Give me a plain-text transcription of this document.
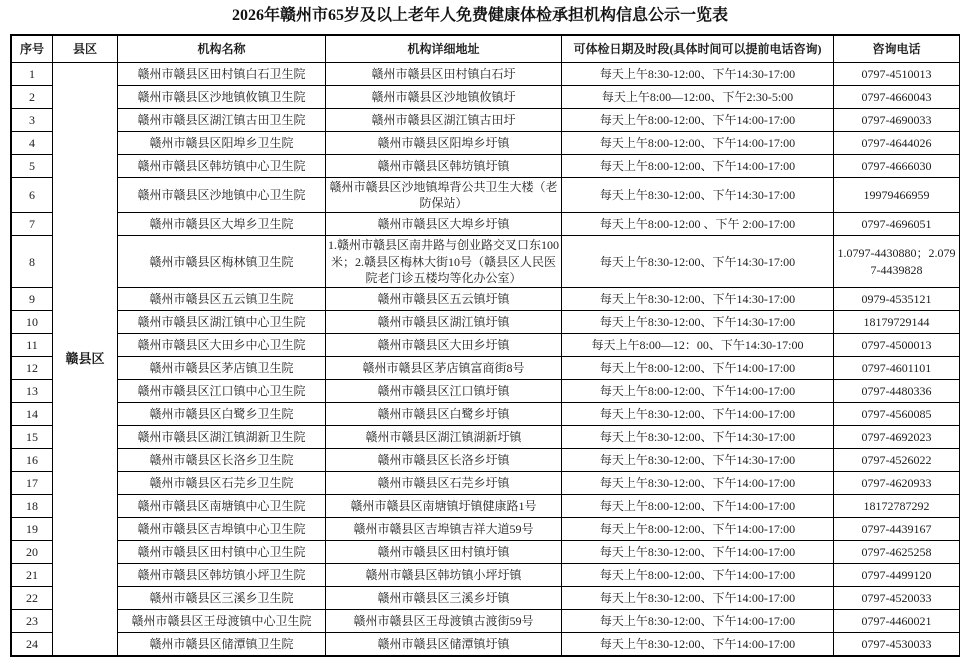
2026年赣州市65岁及以上老年人免费健康体检承担机构信息公示一览表
序号	县区	机构名称	机构详细地址	可体检日期及时段(具体时间可以提前电话咨询)	咨询电话
1	赣县区	赣州市赣县区田村镇白石卫生院	赣州市赣县区田村镇白石圩	每天上午8:30-12:00、下午14:30-17:00	0797-4510013
2		赣州市赣县区沙地镇攸镇卫生院	赣州市赣县区沙地镇攸镇圩	每天上午8:00—12:00、下午2:30-5:00	0797-4660043
3		赣州市赣县区湖江镇古田卫生院	赣州市赣县区湖江镇古田圩	每天上午8:00-12:00、下午14:00-17:00	0797-4690033
4		赣州市赣县区阳埠乡卫生院	赣州市赣县区阳埠乡圩镇	每天上午8:00-12:00、下午14:00-17:00	0797-4644026
5		赣州市赣县区韩坊镇中心卫生院	赣州市赣县区韩坊镇圩镇	每天上午8:00-12:00、下午14:00-17:00	0797-4666030
6		赣州市赣县区沙地镇中心卫生院	赣州市赣县区沙地镇埠背公共卫生大楼（老防保站）	每天上午8:30-12:00、下午14:30-17:00	19979466959
7		赣州市赣县区大埠乡卫生院	赣州市赣县区大埠乡圩镇	每天上午8:00-12:00 、下午 2:00-17:00	0797-4696051
8		赣州市赣县区梅林镇卫生院	1.赣州市赣县区南井路与创业路交叉口东100米；2.赣县区梅林大街10号（赣县区人民医院老门诊五楼均等化办公室）	每天上午8:30-12:00、下午14:30-17:00	1.0797-4430880；2.0797-4439828
9		赣州市赣县区五云镇卫生院	赣州市赣县区五云镇圩镇	每天上午8:30-12:00、下午14:30-17:00	0979-4535121
10		赣州市赣县区湖江镇中心卫生院	赣州市赣县区湖江镇圩镇	每天上午8:30-12:00、下午14:30-17:00	18179729144
11		赣州市赣县区大田乡中心卫生院	赣州市赣县区大田乡圩镇	每天上午8:00—12：00、下午14:30-17:00	0797-4500013
12		赣州市赣县区茅店镇卫生院	赣州市赣县区茅店镇富商街8号	每天上午8:00-12:00、下午14:00-17:00	0797-4601101
13		赣州市赣县区江口镇中心卫生院	赣州市赣县区江口镇圩镇	每天上午8:00-12:00、下午14:00-17:00	0797-4480336
14		赣州市赣县区白鹭乡卫生院	赣州市赣县区白鹭乡圩镇	每天上午8:30-12:00、下午14:00-17:00	0797-4560085
15		赣州市赣县区湖江镇湖新卫生院	赣州市赣县区湖江镇湖新圩镇	每天上午8:30-12:00、下午14:30-17:00	0797-4692023
16		赣州市赣县区长洛乡卫生院	赣州市赣县区长洛乡圩镇	每天上午8:30-12:00、下午14:30-17:00	0797-4526022
17		赣州市赣县区石芫乡卫生院	赣州市赣县区石芫乡圩镇	每天上午8:30-12:00、下午14:00-17:00	0797-4620933
18		赣州市赣县区南塘镇中心卫生院	赣州市赣县区南塘镇圩镇健康路1号	每天上午8:00-12:00、下午14:00-17:00	18172787292
19		赣州市赣县区吉埠镇中心卫生院	赣州市赣县区吉埠镇吉祥大道59号	每天上午8:00-12:00、下午14:00-17:00	0797-4439167
20		赣州市赣县区田村镇中心卫生院	赣州市赣县区田村镇圩镇	每天上午8:30-12:00、下午14:00-17:00	0797-4625258
21		赣州市赣县区韩坊镇小坪卫生院	赣州市赣县区韩坊镇小坪圩镇	每天上午8:00-12:00、下午14:00-17:00	0797-4499120
22		赣州市赣县区三溪乡卫生院	赣州市赣县区三溪乡圩镇	每天上午8:30-12:00、下午14:00-17:00	0797-4520033
23		赣州市赣县区王母渡镇中心卫生院	赣州市赣县区王母渡镇古渡街59号	每天上午8:30-12:00、下午14:00-17:00	0797-4460021
24		赣州市赣县区储潭镇卫生院	赣州市赣县区储潭镇圩镇	每天上午8:30-12:00、下午14:00-17:00	0797-4530033
